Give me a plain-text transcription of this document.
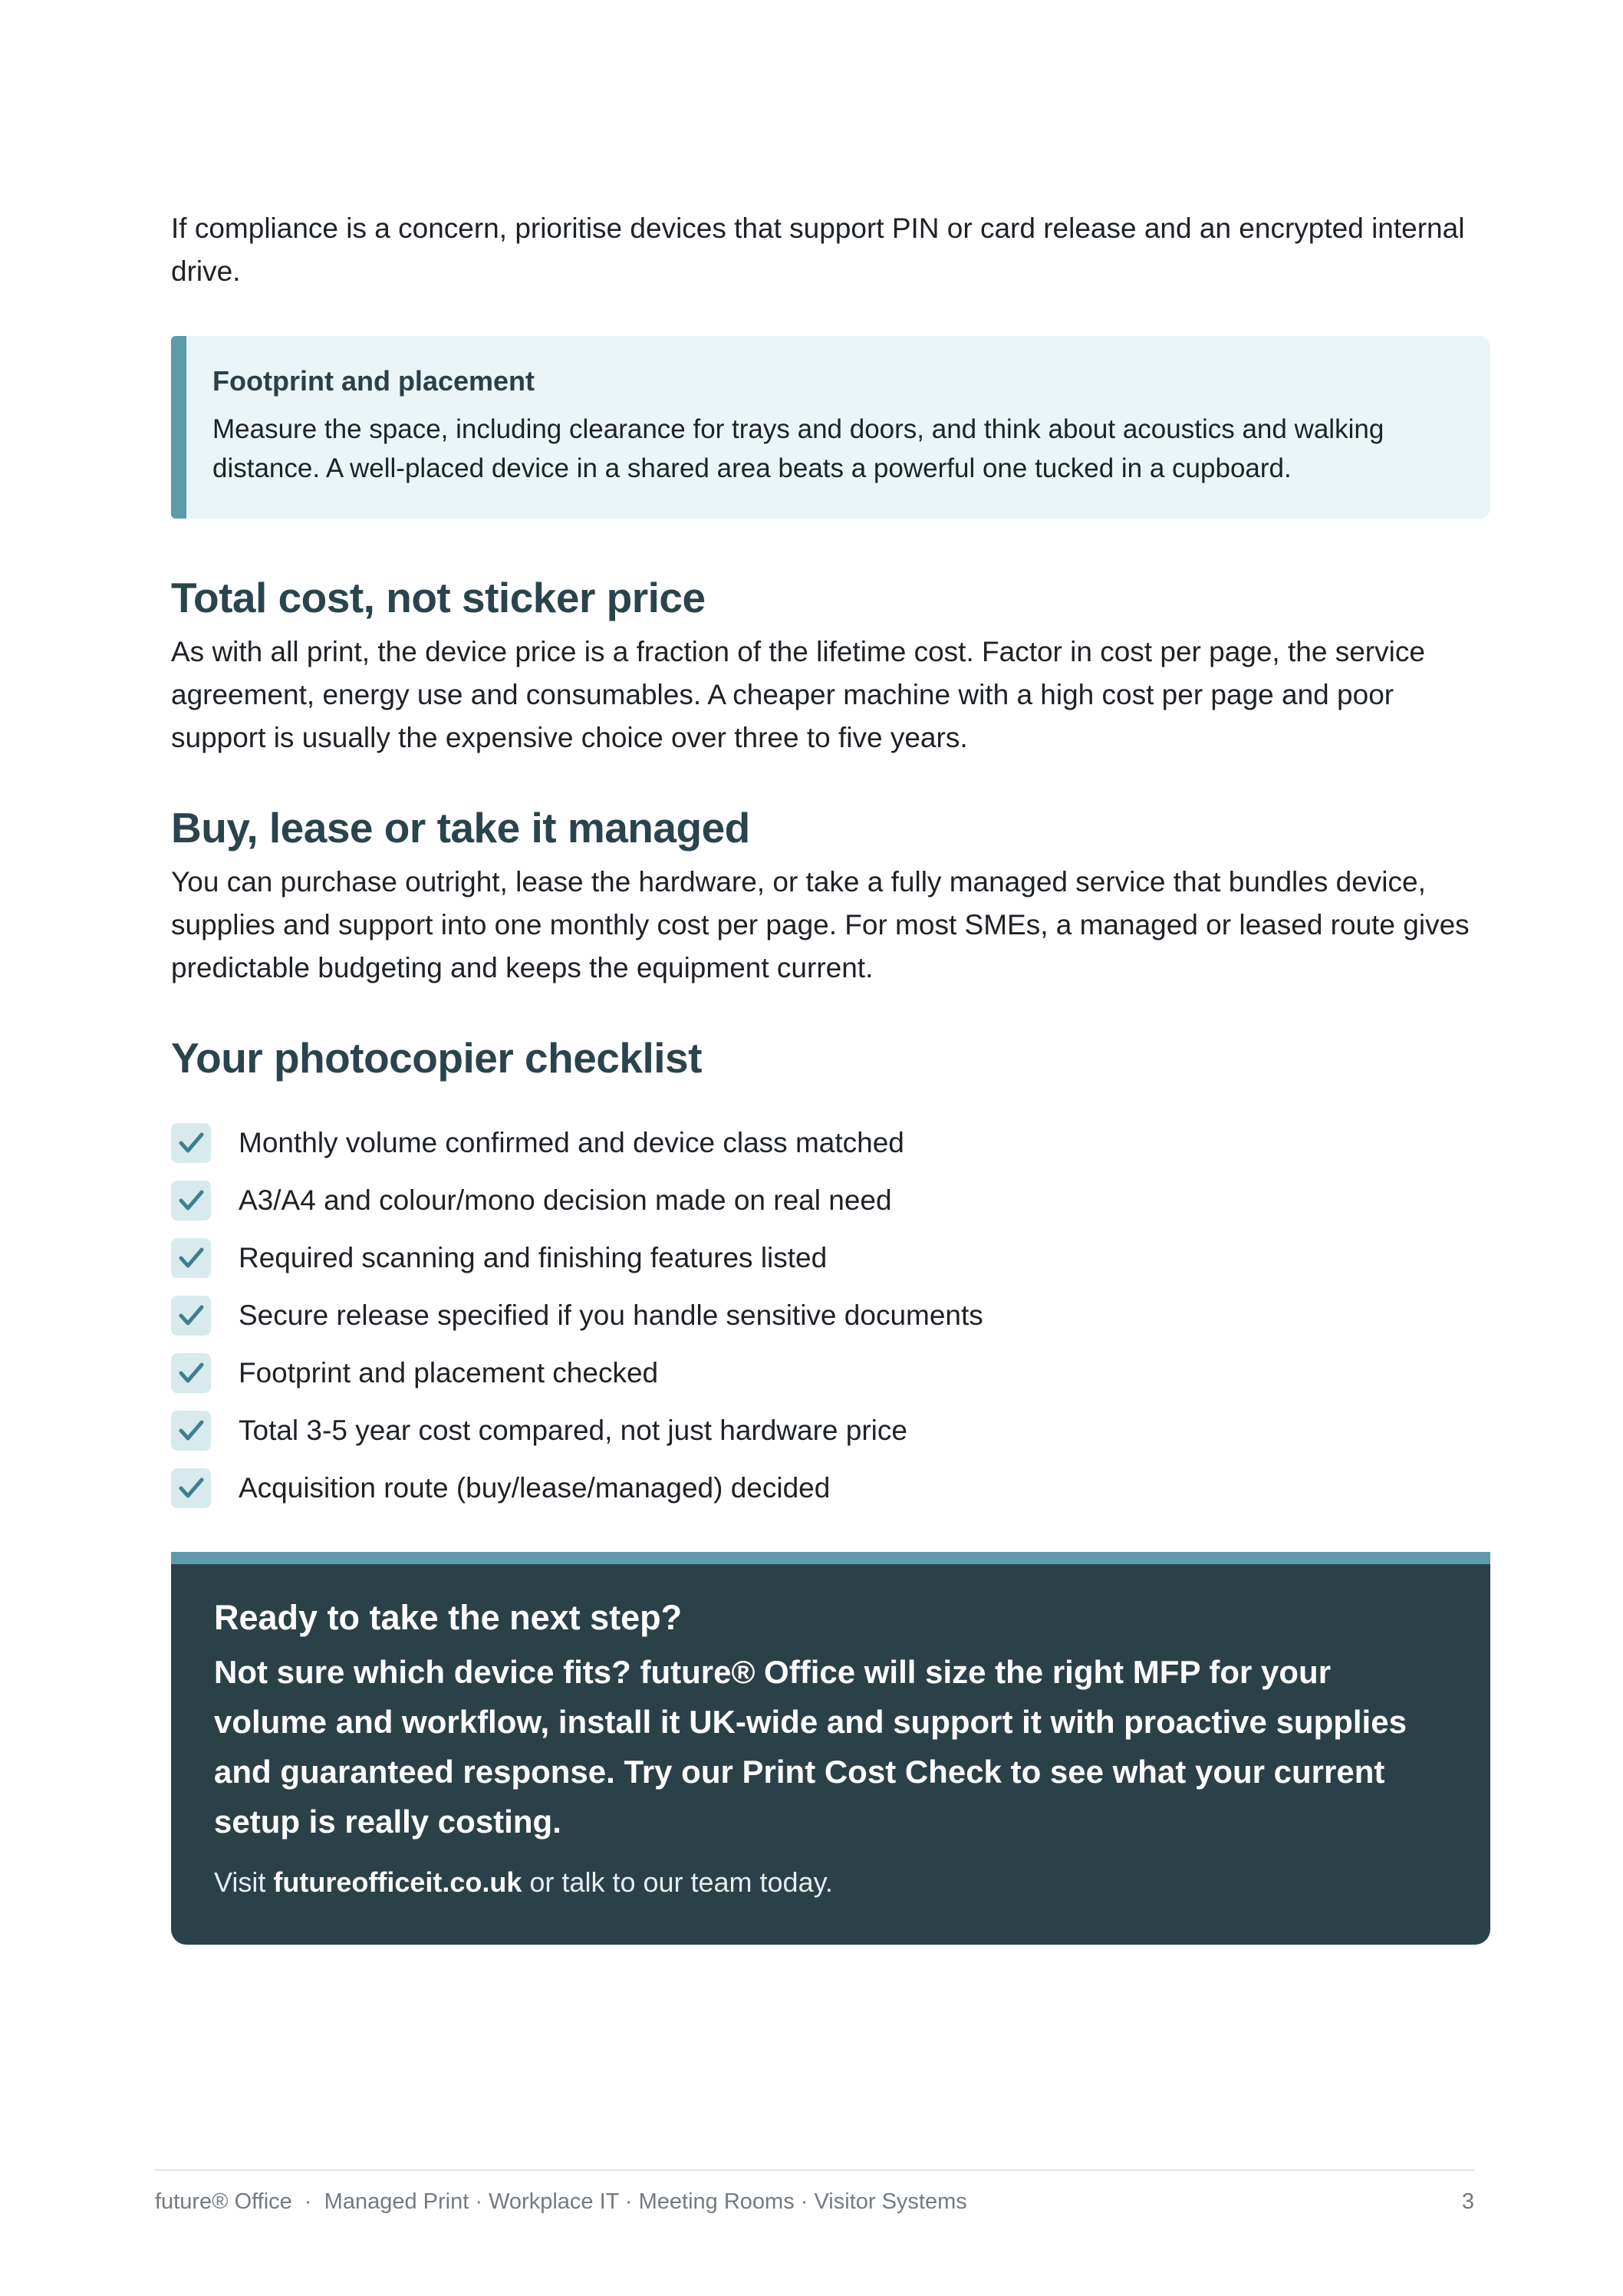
If compliance is a concern, prioritise devices that support PIN or card release and an encrypted internal drive.

Footprint and placement

Measure the space, including clearance for trays and doors, and think about acoustics and walking distance. A well-placed device in a shared area beats a powerful one tucked in a cupboard.

Total cost, not sticker price

As with all print, the device price is a fraction of the lifetime cost. Factor in cost per page, the service agreement, energy use and consumables. A cheaper machine with a high cost per page and poor support is usually the expensive choice over three to five years.

Buy, lease or take it managed

You can purchase outright, lease the hardware, or take a fully managed service that bundles device, supplies and support into one monthly cost per page. For most SMEs, a managed or leased route gives predictable budgeting and keeps the equipment current.

Your photocopier checklist
Monthly volume confirmed and device class matched
A3/A4 and colour/mono decision made on real need
Required scanning and finishing features listed
Secure release specified if you handle sensitive documents
Footprint and placement checked
Total 3-5 year cost compared, not just hardware price
Acquisition route (buy/lease/managed) decided

Ready to take the next step?

Not sure which device fits? future® Office will size the right MFP for your volume and workflow, install it UK-wide and support it with proactive supplies and guaranteed response. Try our Print Cost Check to see what your current setup is really costing.

Visit futureofficeit.co.uk or talk to our team today.
future® Office  ·  Managed Print · Workplace IT · Meeting Rooms · Visitor Systems	3
